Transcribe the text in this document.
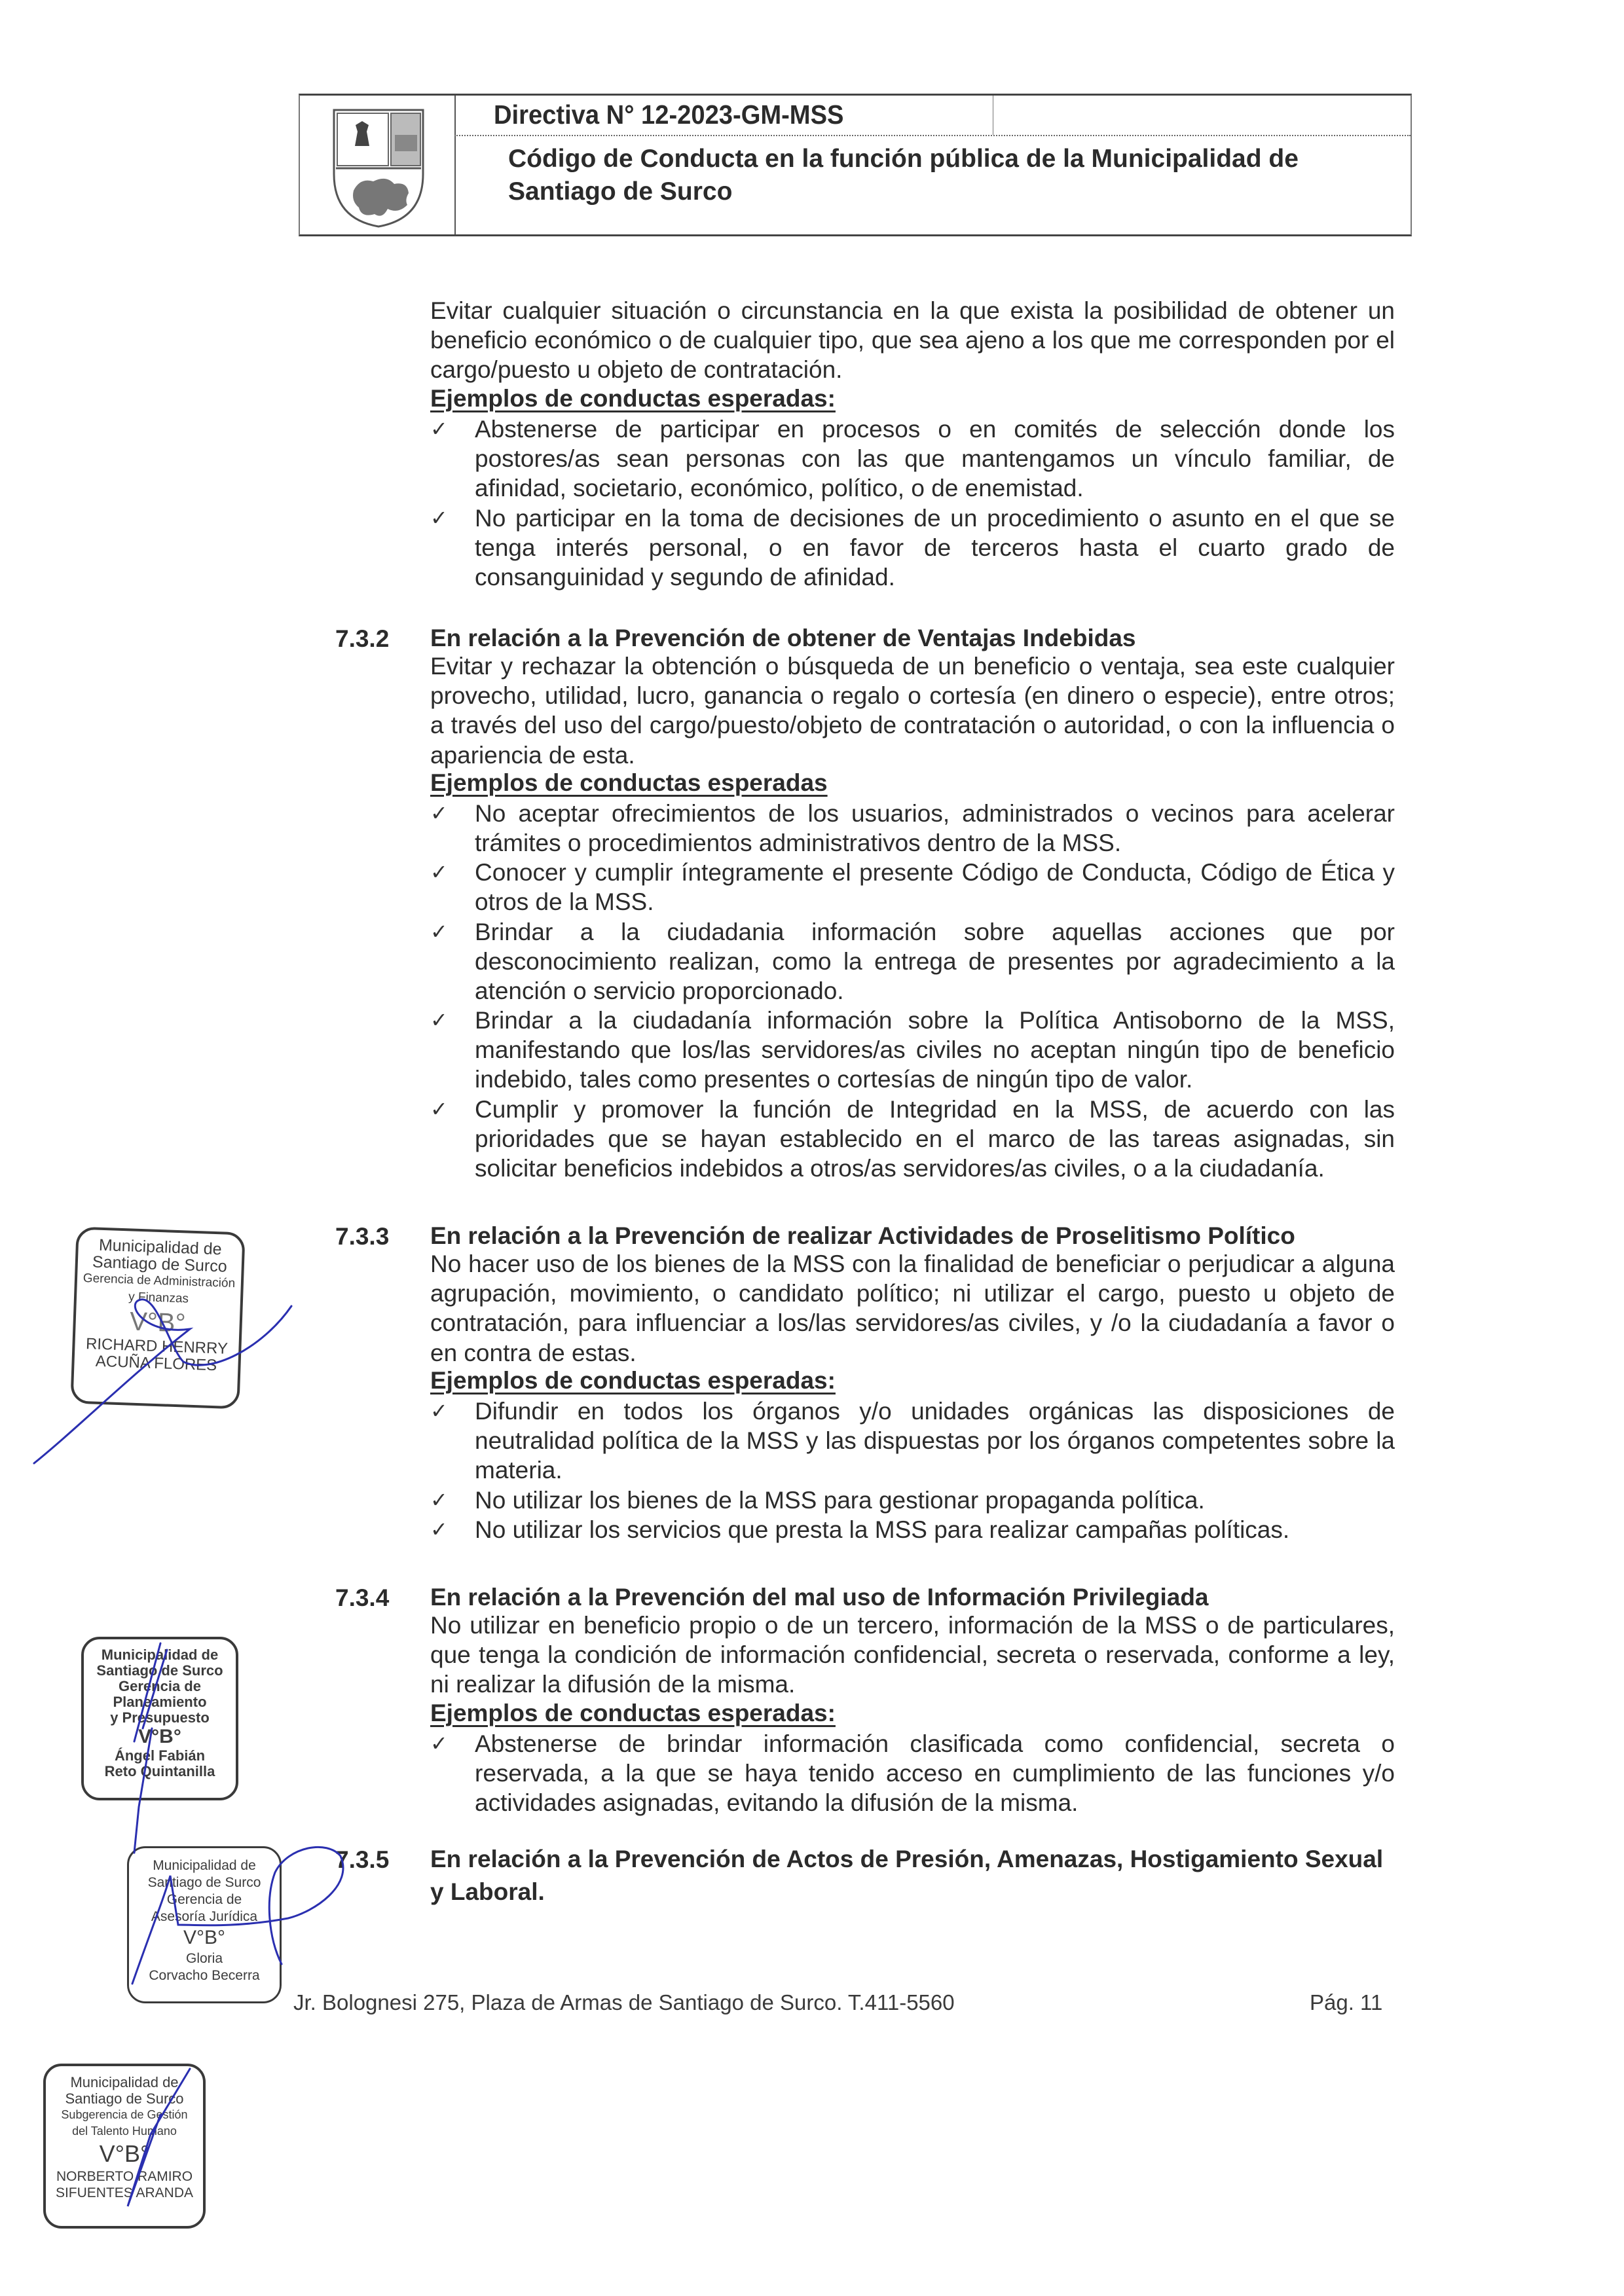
Directiva N° 12-2023-GM-MSS
Código de Conducta en la función pública de la Municipalidad de Santiago de Surco
Evitar cualquier situación o circunstancia en la que exista la posibilidad de obtener un beneficio económico o de cualquier tipo, que sea ajeno a los que me corresponden por el cargo/puesto u objeto de contratación.
Ejemplos de conductas esperadas:
✓ Abstenerse de participar en procesos o en comités de selección donde los postores/as sean personas con las que mantengamos un vínculo familiar, de afinidad, societario, económico, político, o de enemistad.
✓ No participar en la toma de decisiones de un procedimiento o asunto en el que se tenga interés personal, o en favor de terceros hasta el cuarto grado de consanguinidad y segundo de afinidad.
7.3.2 En relación a la Prevención de obtener de Ventajas Indebidas
Evitar y rechazar la obtención o búsqueda de un beneficio o ventaja, sea este cualquier provecho, utilidad, lucro, ganancia o regalo o cortesía (en dinero o especie), entre otros; a través del uso del cargo/puesto/objeto de contratación o autoridad, o con la influencia o apariencia de esta.
Ejemplos de conductas esperadas
✓ No aceptar ofrecimientos de los usuarios, administrados o vecinos para acelerar trámites o procedimientos administrativos dentro de la MSS.
✓ Conocer y cumplir íntegramente el presente Código de Conducta, Código de Ética y otros de la MSS.
✓ Brindar a la ciudadania información sobre aquellas acciones que por desconocimiento realizan, como la entrega de presentes por agradecimiento a la atención o servicio proporcionado.
✓ Brindar a la ciudadanía información sobre la Política Antisoborno de la MSS, manifestando que los/las servidores/as civiles no aceptan ningún tipo de beneficio indebido, tales como presentes o cortesías de ningún tipo de valor.
✓ Cumplir y promover la función de Integridad en la MSS, de acuerdo con las prioridades que se hayan establecido en el marco de las tareas asignadas, sin solicitar beneficios indebidos a otros/as servidores/as civiles, o a la ciudadanía.
7.3.3 En relación a la Prevención de realizar Actividades de Proselitismo Político
No hacer uso de los bienes de la MSS con la finalidad de beneficiar o perjudicar a alguna agrupación, movimiento, o candidato político; ni utilizar el cargo, puesto u objeto de contratación, para influenciar a los/las servidores/as civiles, y /o la ciudadanía a favor o en contra de estas.
Ejemplos de conductas esperadas:
✓ Difundir en todos los órganos y/o unidades orgánicas las disposiciones de neutralidad política de la MSS y las dispuestas por los órganos competentes sobre la materia.
✓ No utilizar los bienes de la MSS para gestionar propaganda política.
✓ No utilizar los servicios que presta la MSS para realizar campañas políticas.
7.3.4 En relación a la Prevención del mal uso de Información Privilegiada
No utilizar en beneficio propio o de un tercero, información de la MSS o de particulares, que tenga la condición de información confidencial, secreta o reservada, conforme a ley, ni realizar la difusión de la misma.
Ejemplos de conductas esperadas:
✓ Abstenerse de brindar información clasificada como confidencial, secreta o reservada, a la que se haya tenido acceso en cumplimiento de las funciones y/o actividades asignadas, evitando la difusión de la misma.
7.3.5 En relación a la Prevención de Actos de Presión, Amenazas, Hostigamiento Sexual y Laboral.
Jr. Bolognesi 275, Plaza de Armas de Santiago de Surco. T.411-5560	Pág. 11
Municipalidad de
Santiago de Surco
Gerencia de Administración
y Finanzas
V°B°
RICHARD HENRRY
ACUÑA FLORES
Municipalidad de
Santiago de Surco
Gerencia de
Planeamiento
y Presupuesto
V°B°
Ángel Fabián
Reto Quintanilla
Municipalidad de
Santiago de Surco
Gerencia de
Asesoría Jurídica
V°B°
Gloria
Corvacho Becerra
Municipalidad de
Santiago de Surco
Subgerencia de Gestión
del Talento Humano
V°B°
NORBERTO RAMIRO
SIFUENTES ARANDA
